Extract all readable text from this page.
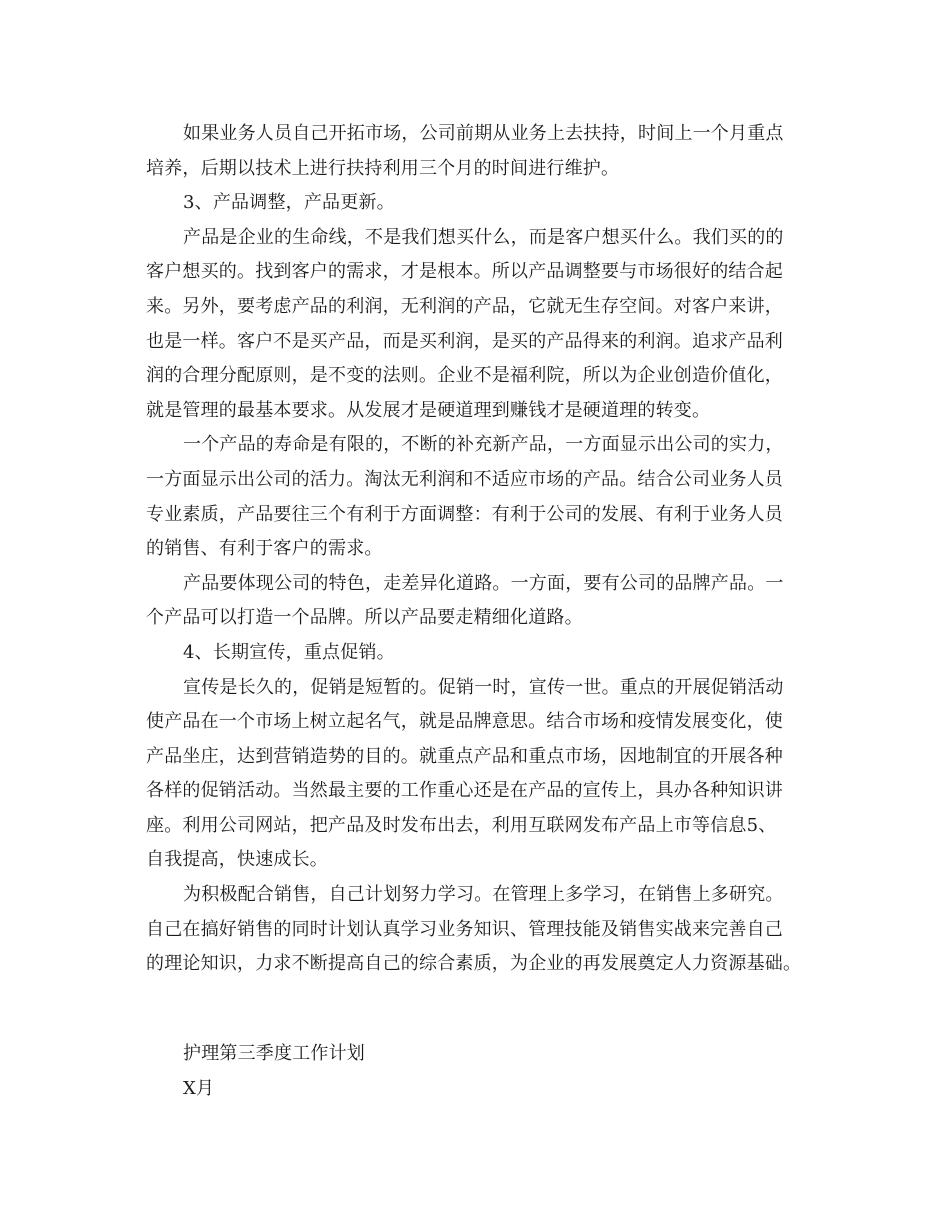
如果业务人员自己开拓市场，公司前期从业务上去扶持，时间上一个月重点
培养，后期以技术上进行扶持利用三个月的时间进行维护。
3、产品调整，产品更新。
产品是企业的生命线，不是我们想买什么，而是客户想买什么。我们买的的
客户想买的。找到客户的需求，才是根本。所以产品调整要与市场很好的结合起
来。另外，要考虑产品的利润，无利润的产品，它就无生存空间。对客户来讲，
也是一样。客户不是买产品，而是买利润，是买的产品得来的利润。追求产品利
润的合理分配原则，是不变的法则。企业不是福利院，所以为企业创造价值化，
就是管理的最基本要求。从发展才是硬道理到赚钱才是硬道理的转变。
一个产品的寿命是有限的，不断的补充新产品，一方面显示出公司的实力，
一方面显示出公司的活力。淘汰无利润和不适应市场的产品。结合公司业务人员
专业素质，产品要往三个有利于方面调整：有利于公司的发展、有利于业务人员
的销售、有利于客户的需求。
产品要体现公司的特色，走差异化道路。一方面，要有公司的品牌产品。一
个产品可以打造一个品牌。所以产品要走精细化道路。
4、长期宣传，重点促销。
宣传是长久的，促销是短暂的。促销一时，宣传一世。重点的开展促销活动
使产品在一个市场上树立起名气，就是品牌意思。结合市场和疫情发展变化，使
产品坐庄，达到营销造势的目的。就重点产品和重点市场，因地制宜的开展各种
各样的促销活动。当然最主要的工作重心还是在产品的宣传上，具办各种知识讲
座。利用公司网站，把产品及时发布出去，利用互联网发布产品上市等信息5、
自我提高，快速成长。
为积极配合销售，自己计划努力学习。在管理上多学习，在销售上多研究。
自己在搞好销售的同时计划认真学习业务知识、管理技能及销售实战来完善自己
的理论知识，力求不断提高自己的综合素质，为企业的再发展奠定人力资源基础。
护理第三季度工作计划
X月
